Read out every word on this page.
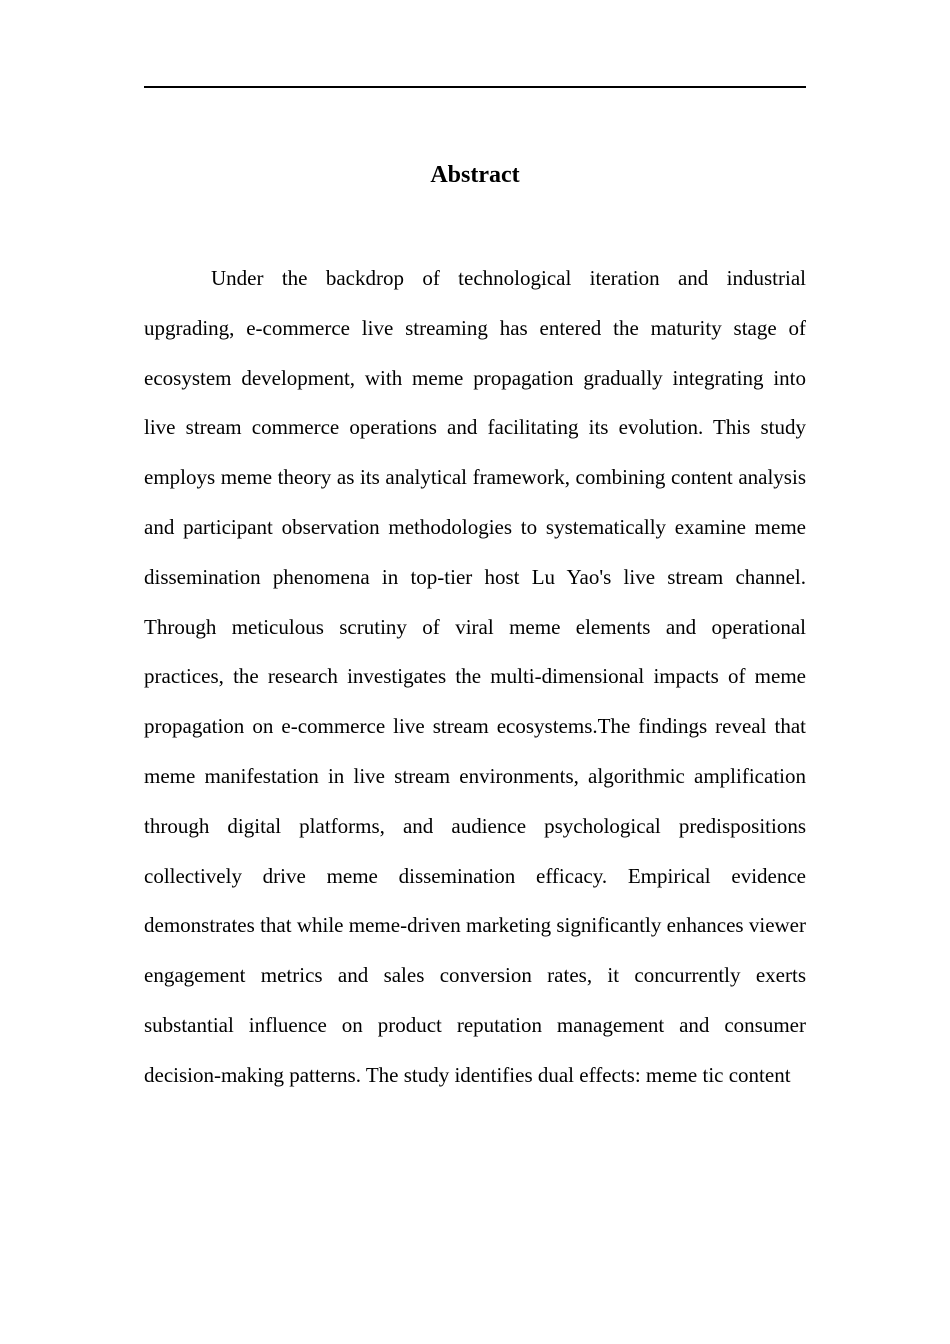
Abstract

Under the backdrop of technological iteration and industrial upgrading, e-commerce live streaming has entered the maturity stage of ecosystem development, with meme propagation gradually integrating into live stream commerce operations and facilitating its evolution. This study employs meme theory as its analytical framework, combining content analysis and participant observation methodologies to systematically examine meme dissemination phenomena in top-tier host Lu Yao's live stream channel. Through meticulous scrutiny of viral meme elements and operational practices, the research investigates the multi-dimensional impacts of meme propagation on e-commerce live stream ecosystems.The findings reveal that meme manifestation in live stream environments, algorithmic amplification through digital platforms, and audience psychological predispositions collectively drive meme dissemination efficacy. Empirical evidence demonstrates that while meme-driven marketing significantly enhances viewer engagement metrics and sales conversion rates, it concurrently exerts substantial influence on product reputation management and consumer decision-making patterns. The study identifies dual effects: meme tic content
